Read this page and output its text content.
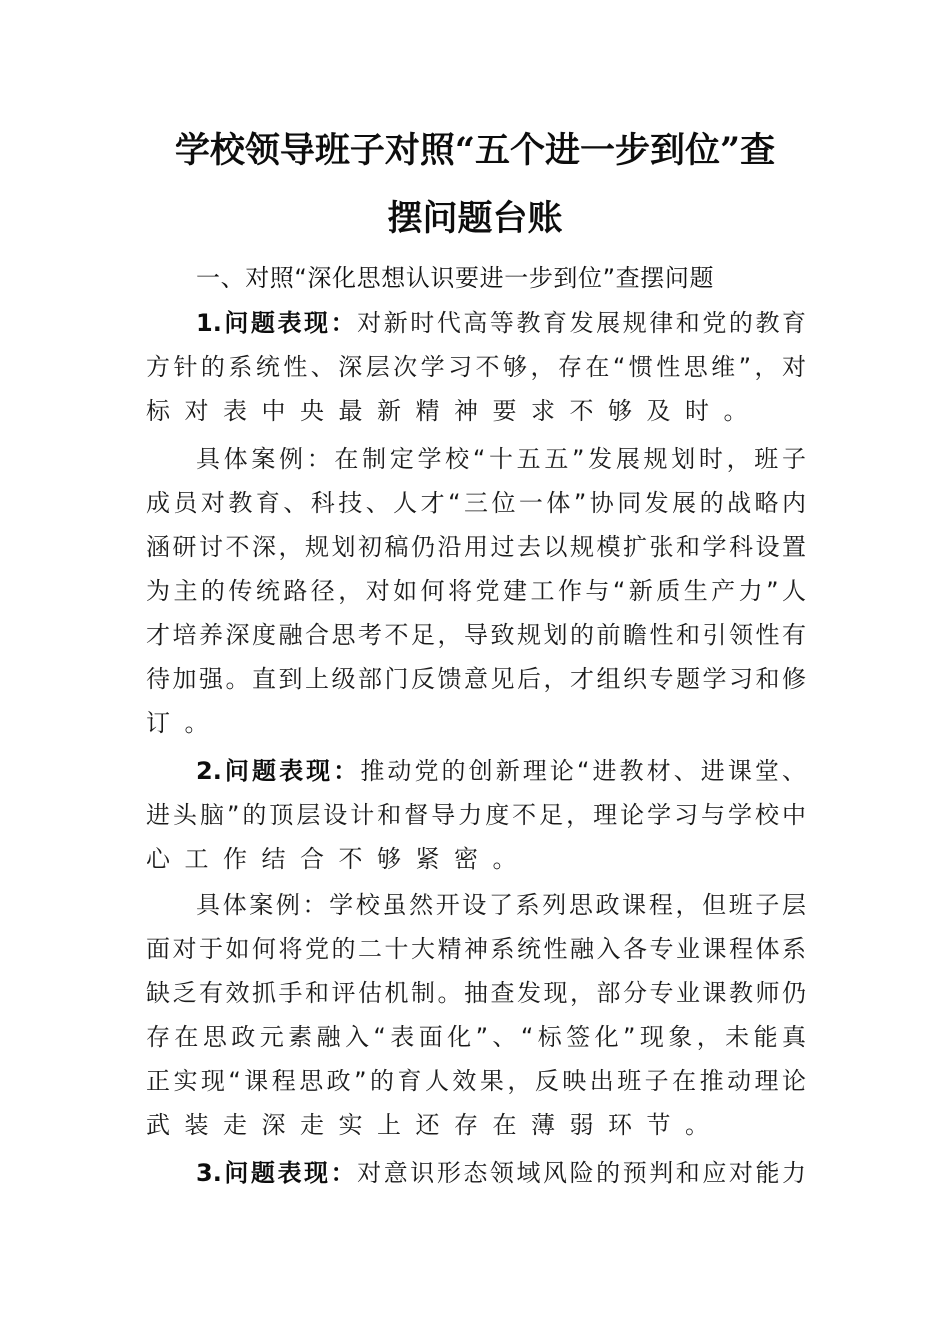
学校领导班子对照“五个进一步到位”查
摆问题台账
一、对照“深化思想认识要进一步到位”查摆问题
1.问题表现：对新时代高等教育发展规律和党的教育
方针的系统性、深层次学习不够，存在“惯性思维”，对
标对表中央最新精神要求不够及时。
具体案例：在制定学校“十五五”发展规划时，班子
成员对教育、科技、人才“三位一体”协同发展的战略内
涵研讨不深，规划初稿仍沿用过去以规模扩张和学科设置
为主的传统路径，对如何将党建工作与“新质生产力”人
才培养深度融合思考不足，导致规划的前瞻性和引领性有
待加强。直到上级部门反馈意见后，才组织专题学习和修
订。
2.问题表现：推动党的创新理论“进教材、进课堂、
进头脑”的顶层设计和督导力度不足，理论学习与学校中
心工作结合不够紧密。
具体案例：学校虽然开设了系列思政课程，但班子层
面对于如何将党的二十大精神系统性融入各专业课程体系
缺乏有效抓手和评估机制。抽查发现，部分专业课教师仍
存在思政元素融入“表面化”、“标签化”现象，未能真
正实现“课程思政”的育人效果，反映出班子在推动理论
武装走深走实上还存在薄弱环节。
3.问题表现：对意识形态领域风险的预判和应对能力
